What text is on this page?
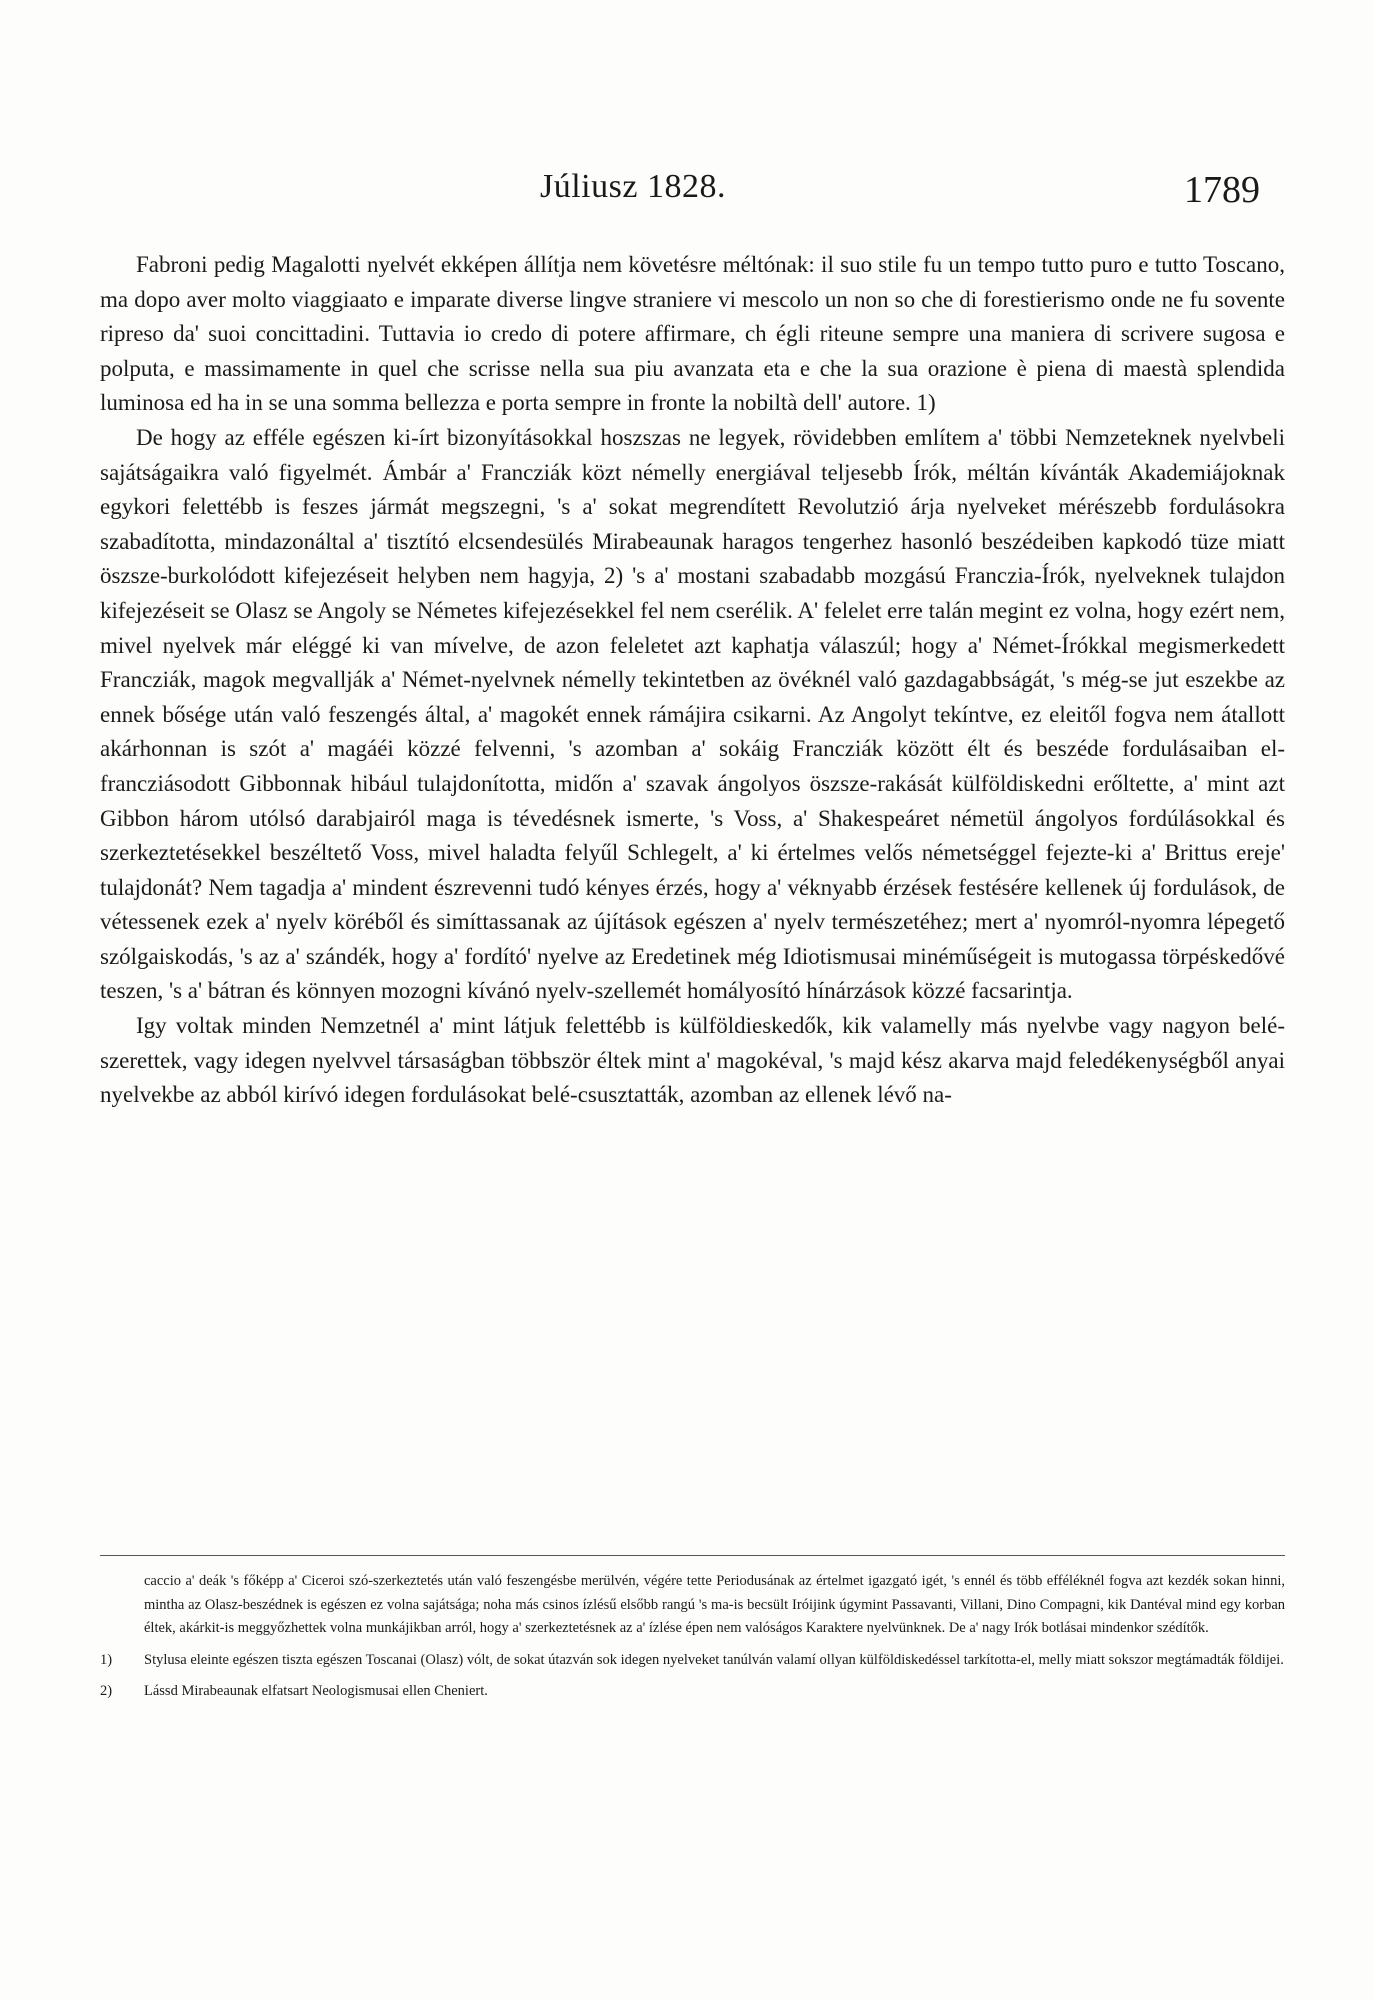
Júliusz 1828.	1789

Fabroni pedig Magalotti nyelvét ekképen állítja nem követésre méltónak: il suo stile fu un tempo tutto puro e tutto Toscano, ma dopo aver molto viaggiaato e imparate diverse lingve straniere vi mescolo un non so che di forestierismo onde ne fu sovente ripreso da' suoi concittadini. Tuttavia io credo di potere affirmare, ch égli riteune sempre una maniera di scrivere sugosa e polputa, e massimamente in quel che scrisse nella sua piu avanzata eta e che la sua orazione è piena di maestà splendida luminosa ed ha in se una somma bellezza e porta sempre in fronte la nobiltà dell' autore. 1)

De hogy az efféle egészen ki-írt bizonyításokkal hoszszas ne legyek, rövidebben említem a' többi Nemzeteknek nyelvbeli sajátságaikra való figyelmét. Ámbár a' Francziák közt némelly energiával teljesebb Írók, méltán kívánták Akademiájoknak egykori felettébb is feszes jármát megszegni, 's a' sokat megrendített Revolutzió árja nyelveket mérészebb fordulásokra szabadította, mindazonáltal a' tisztító elcsendesülés Mirabeaunak haragos tengerhez hasonló beszédeiben kapkodó tüze miatt öszsze-burkolódott kifejezéseit helyben nem hagyja, 2) 's a' mostani szabadabb mozgású Franczia-Írók, nyelveknek tulajdon kifejezéseit se Olasz se Angoly se Németes kifejezésekkel fel nem cserélik. A' felelet erre talán megint ez volna, hogy ezért nem, mivel nyelvek már eléggé ki van mívelve, de azon feleletet azt kaphatja válaszúl; hogy a' Német-Írókkal megismerkedett Francziák, magok megvallják a' Német-nyelvnek némelly tekintetben az övéknél való gazdagabbságát, 's még-se jut eszekbe az ennek bősége után való feszengés által, a' magokét ennek rámájira csikarni. Az Angolyt tekíntve, ez eleitől fogva nem átallott akárhonnan is szót a' magáéi közzé felvenni, 's azomban a' sokáig Francziák között élt és beszéde fordulásaiban el-francziásodott Gibbonnak hibául tulajdonította, midőn a' szavak ángolyos öszsze-rakását külföldiskedni erőltette, a' mint azt Gibbon három utólsó darabjairól maga is tévedésnek ismerte, 's Voss, a' Shakespeáret németül ángolyos fordúlásokkal és szerkeztetésekkel beszéltető Voss, mivel haladta felyűl Schlegelt, a' ki értelmes velős németséggel fejezte-ki a' Brittus ereje' tulajdonát? Nem tagadja a' mindent észrevenni tudó kényes érzés, hogy a' véknyabb érzések festésére kellenek új fordulások, de vétessenek ezek a' nyelv köréből és simíttassanak az újítások egészen a' nyelv természetéhez; mert a' nyomról-nyomra lépegető szólgaiskodás, 's az a' szándék, hogy a' fordító' nyelve az Eredetinek még Idiotismusai minéműségeit is mutogassa törpéskedővé teszen, 's a' bátran és könnyen mozogni kívánó nyelv-szellemét homályosító hínárzások közzé facsarintja.

Igy voltak minden Nemzetnél a' mint látjuk felettébb is külföldieskedők, kik valamelly más nyelvbe vagy nagyon belé-szerettek, vagy idegen nyelvvel társaságban többször éltek mint a' magokéval, 's majd kész akarva majd feledékenységből anyai nyelvekbe az abból kirívó idegen fordulásokat belé-csusztatták, azomban az ellenek lévő na-

caccio a' deák 's főképp a' Ciceroi szó-szerkeztetés után való feszengésbe merülvén, végére tette Periodusának az értelmet igazgató igét, 's ennél és több efféléknél fogva azt kezdék sokan hinni, mintha az Olasz-beszédnek is egészen ez volna sajátsága; noha más csinos ízlésű elsőbb rangú 's ma-is becsült Iróijink úgymint Passavanti, Villani, Dino Compagni, kik Dantéval mind egy korban éltek, akárkit-is meggyőzhettek volna munkájikban arról, hogy a' szerkeztetésnek az a' ízlése épen nem valóságos Karaktere nyelvünknek. De a' nagy Irók botlásai mindenkor szédítők.

1) Stylusa eleinte egészen tiszta egészen Toscanai (Olasz) vólt, de sokat útazván sok idegen nyelveket tanúlván valamí ollyan külföldiskedéssel tarkította-el, melly miatt sokszor megtámadták földijei.

2) Lássd Mirabeaunak elfatsart Neologismusai ellen Cheniert.
